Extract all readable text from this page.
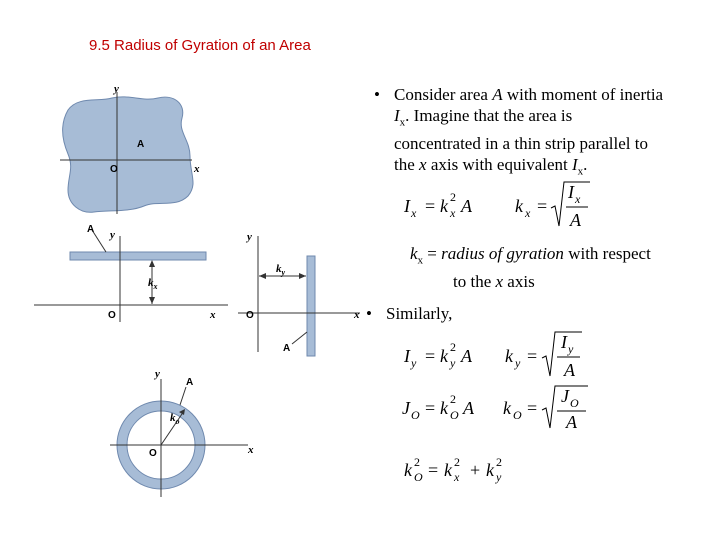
9.5 Radius of Gyration of an Area
• Consider area A with moment of inertia
$I_x$. Imagine that the area is
concentrated in a thin strip parallel to
the x axis with equivalent $I_x$.
$k_x$ = radius of gyration with respect
to the x axis
• Similarly,
I x = k 2
x A k x =
I x
A
I y = k 2
y A k y =
I y
A
J O = k 2
O A k O =
J O
A
k 2
O = k 2
x + k 2
y
y
x
A
O
A y
$k_x$
O	x
y
$k_y$
O	x
A
y
A
$k_o$
O	x
